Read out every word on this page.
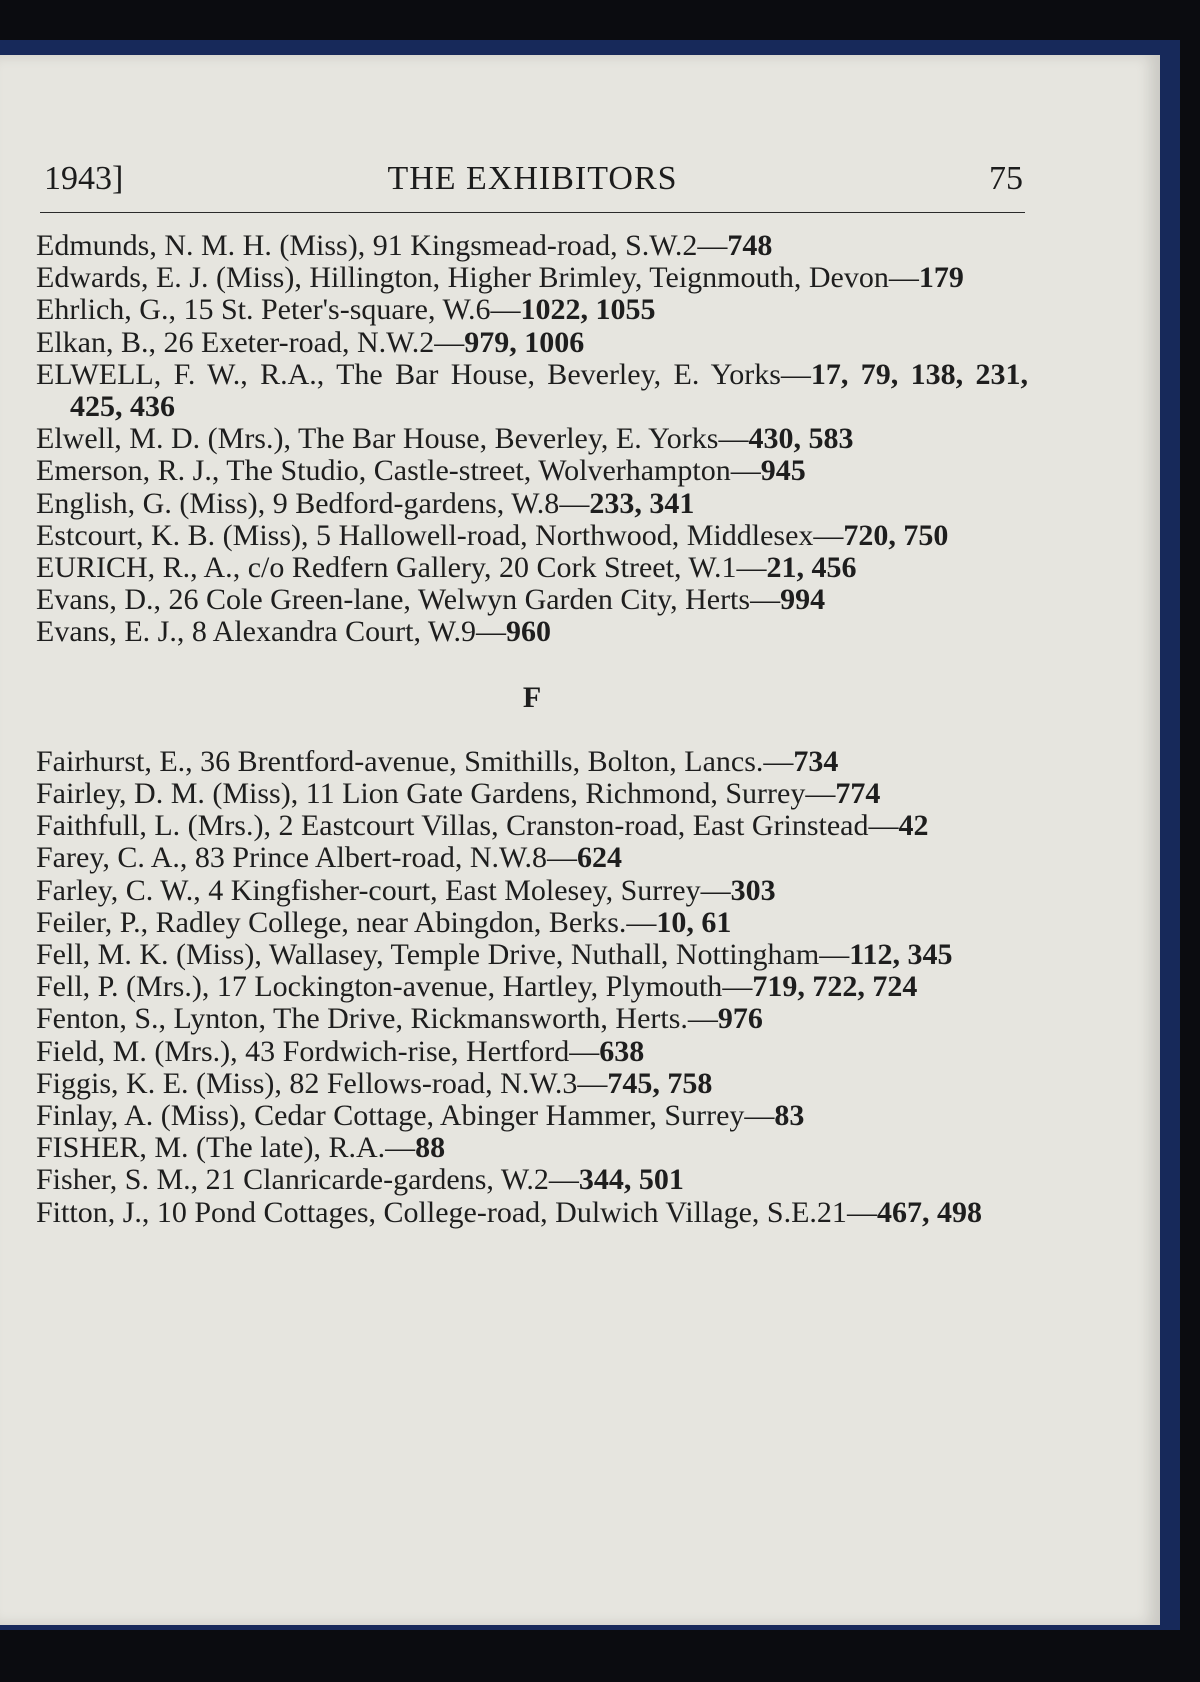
1943]	THE EXHIBITORS	75
Edmunds, N. M. H. (Miss), 91 Kingsmead-road, S.W.2—748
Edwards, E. J. (Miss), Hillington, Higher Brimley, Teignmouth, Devon—179
Ehrlich, G., 15 St. Peter's-square, W.6—1022, 1055
Elkan, B., 26 Exeter-road, N.W.2—979, 1006
ELWELL, F. W., R.A., The Bar House, Beverley, E. Yorks—17, 79, 138, 231, 425, 436
Elwell, M. D. (Mrs.), The Bar House, Beverley, E. Yorks—430, 583
Emerson, R. J., The Studio, Castle-street, Wolverhampton—945
English, G. (Miss), 9 Bedford-gardens, W.8—233, 341
Estcourt, K. B. (Miss), 5 Hallowell-road, Northwood, Middlesex—720, 750
EURICH, R., A., c/o Redfern Gallery, 20 Cork Street, W.1—21, 456
Evans, D., 26 Cole Green-lane, Welwyn Garden City, Herts—994
Evans, E. J., 8 Alexandra Court, W.9—960
F
Fairhurst, E., 36 Brentford-avenue, Smithills, Bolton, Lancs.—734
Fairley, D. M. (Miss), 11 Lion Gate Gardens, Richmond, Surrey—774
Faithfull, L. (Mrs.), 2 Eastcourt Villas, Cranston-road, East Grinstead—42
Farey, C. A., 83 Prince Albert-road, N.W.8—624
Farley, C. W., 4 Kingfisher-court, East Molesey, Surrey—303
Feiler, P., Radley College, near Abingdon, Berks.—10, 61
Fell, M. K. (Miss), Wallasey, Temple Drive, Nuthall, Nottingham—112, 345
Fell, P. (Mrs.), 17 Lockington-avenue, Hartley, Plymouth—719, 722, 724
Fenton, S., Lynton, The Drive, Rickmansworth, Herts.—976
Field, M. (Mrs.), 43 Fordwich-rise, Hertford—638
Figgis, K. E. (Miss), 82 Fellows-road, N.W.3—745, 758
Finlay, A. (Miss), Cedar Cottage, Abinger Hammer, Surrey—83
FISHER, M. (The late), R.A.—88
Fisher, S. M., 21 Clanricarde-gardens, W.2—344, 501
Fitton, J., 10 Pond Cottages, College-road, Dulwich Village, S.E.21—467, 498
